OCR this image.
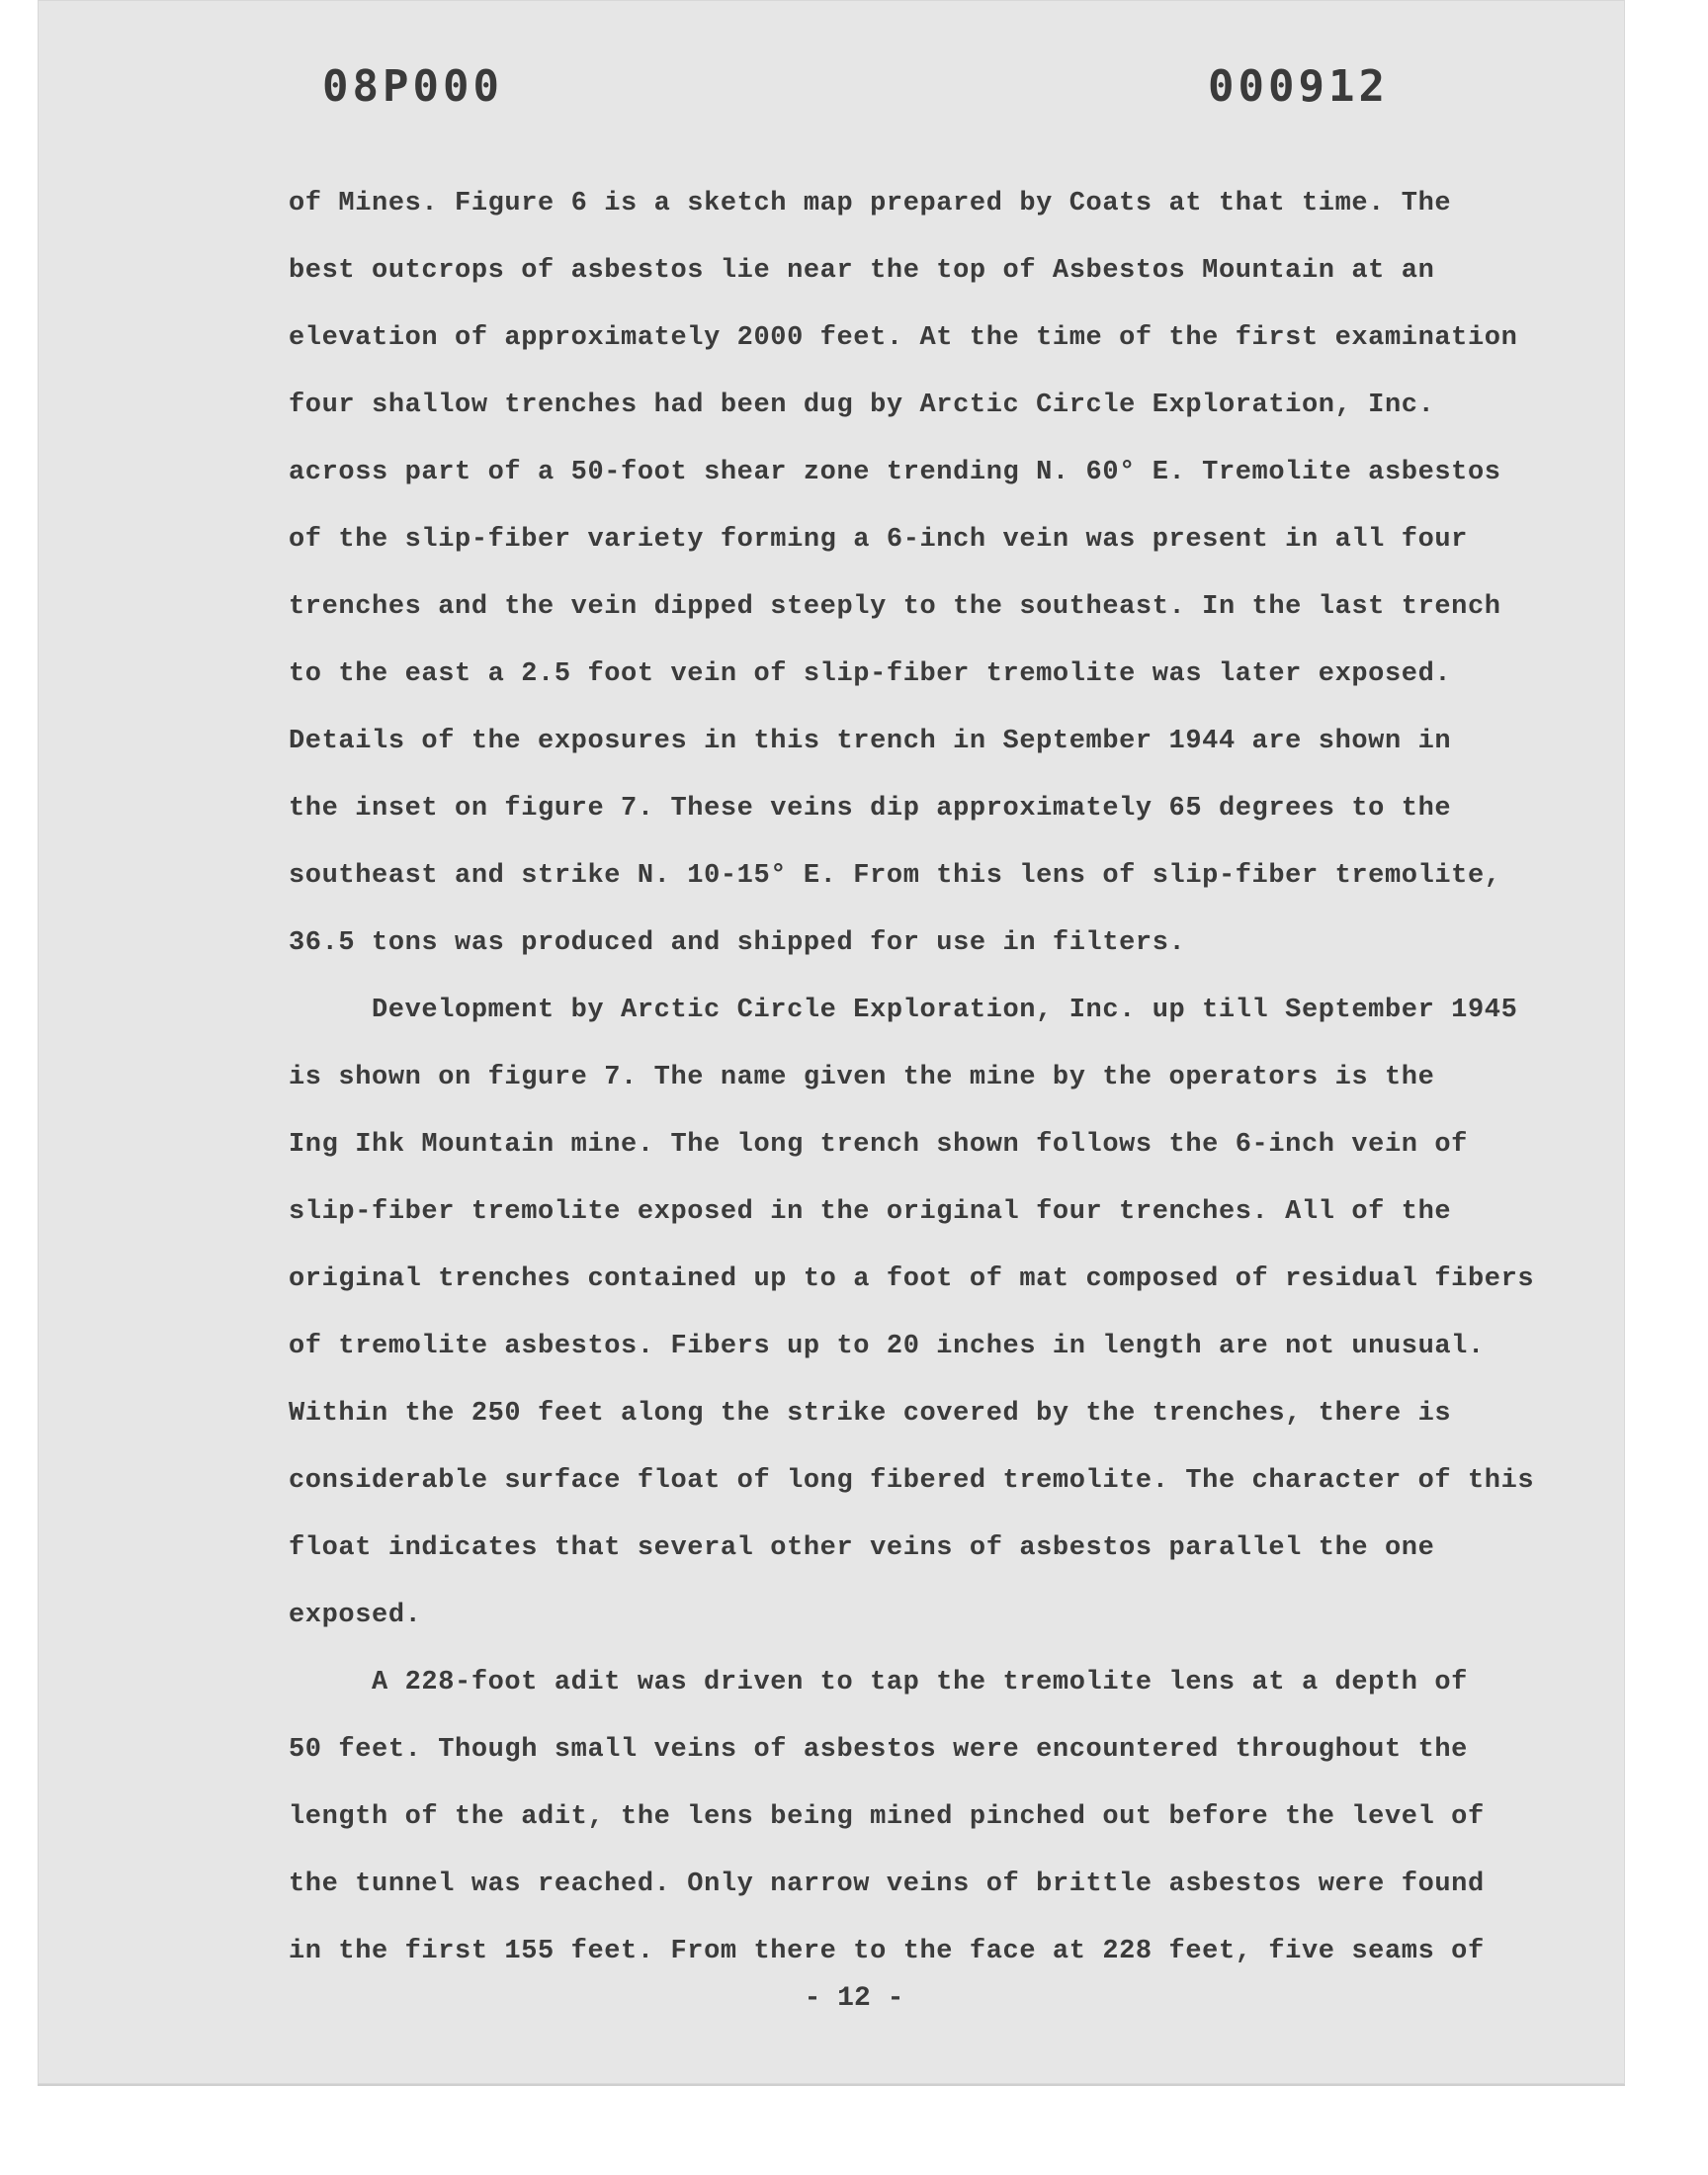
08P000	000912
of Mines. Figure 6 is a sketch map prepared by Coats at that time. The
best outcrops of asbestos lie near the top of Asbestos Mountain at an
elevation of approximately 2000 feet. At the time of the first examination
four shallow trenches had been dug by Arctic Circle Exploration, Inc.
across part of a 50-foot shear zone trending N. 60° E. Tremolite asbestos
of the slip-fiber variety forming a 6-inch vein was present in all four
trenches and the vein dipped steeply to the southeast. In the last trench
to the east a 2.5 foot vein of slip-fiber tremolite was later exposed.
Details of the exposures in this trench in September 1944 are shown in
the inset on figure 7. These veins dip approximately 65 degrees to the
southeast and strike N. 10-15° E. From this lens of slip-fiber tremolite,
36.5 tons was produced and shipped for use in filters.
Development by Arctic Circle Exploration, Inc. up till September 1945
is shown on figure 7. The name given the mine by the operators is the
Ing Ihk Mountain mine. The long trench shown follows the 6-inch vein of
slip-fiber tremolite exposed in the original four trenches. All of the
original trenches contained up to a foot of mat composed of residual fibers
of tremolite asbestos. Fibers up to 20 inches in length are not unusual.
Within the 250 feet along the strike covered by the trenches, there is
considerable surface float of long fibered tremolite. The character of this
float indicates that several other veins of asbestos parallel the one
exposed.
A 228-foot adit was driven to tap the tremolite lens at a depth of
50 feet. Though small veins of asbestos were encountered throughout the
length of the adit, the lens being mined pinched out before the level of
the tunnel was reached. Only narrow veins of brittle asbestos were found
in the first 155 feet. From there to the face at 228 feet, five seams of
- 12 -
